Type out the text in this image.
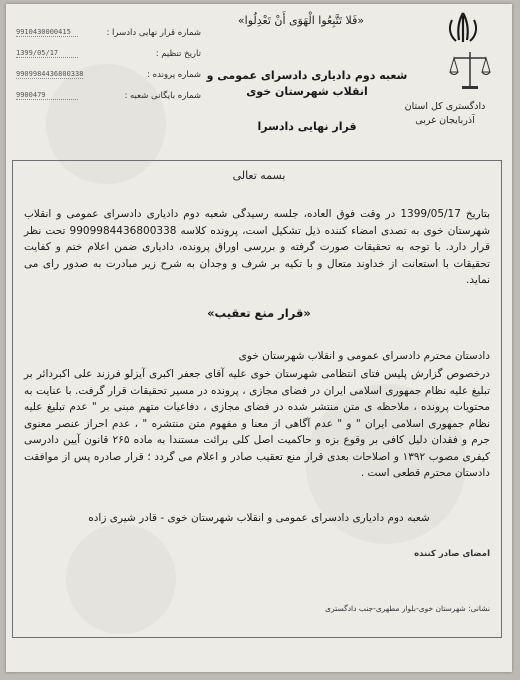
شماره قرار نهایی دادسرا :
9910430000415
تاریخ تنظیم :
1399/05/17
شماره پرونده :
9909984436800338
شماره بایگانی شعبه :
9900479
«فَلا تَتَّبِعُوا الْهَوَى أَنْ تَعْدِلُوا»
شعبه دوم دادیاری دادسرای عمومی و
انقلاب شهرستان خوی
قرار نهایی دادسرا
دادگستری کل استان
آذربایجان غربی
بسمه تعالی
بتاریخ 1399/05/17 در وقت فوق العاده، جلسه رسیدگی شعبه دوم دادیاری دادسرای عمومی و انقلاب شهرستان خوی به تصدی امضاء کننده ذیل تشکیل است، پرونده کلاسه 9909984436800338 تحت نظر قرار دارد. با توجه به تحقیقات صورت گرفته و بررسی اوراق پرونده، دادیاری ضمن اعلام ختم و کفایت تحقیقات با استعانت از خداوند متعال و با تکیه بر شرف و وجدان به شرح زیر مبادرت به صدور رای می نماید.
«قرار منع تعقیب»
دادستان محترم دادسرای عمومی و انقلاب شهرستان خوی
درخصوص گزارش پلیس فتای انتظامی شهرستان خوی علیه آقای جعفر اکبری آیزلو فرزند علی اکبردائر بر تبلیغ علیه نظام جمهوری اسلامی ایران در فضای مجازی ، پرونده در مسیر تحقیقات قرار گرفت. با عنایت به محتویات پرونده ، ملاحظه ی متن منتشر شده در فضای مجازی ، دفاعیات متهم مبنی بر " عدم تبلیغ علیه نظام جمهوری اسلامی ایران " و " عدم آگاهی از معنا و مفهوم متن منتشره " ، عدم احراز عنصر معنوی جرم و فقدان دلیل کافی بر وقوع بزه و حاکمیت اصل کلی برائت مستندا به ماده ۲۶۵ قانون آیین دادرسی کیفری مصوب ۱۳۹۲ و اصلاحات بعدی قرار منع تعقیب صادر و اعلام می گردد ؛ قرار صادره پس از موافقت دادستان محترم قطعی است .
شعبه دوم دادیاری دادسرای عمومی و انقلاب شهرستان خوی - قادر شیری زاده
امضای صادر کننده
نشانی: شهرستان خوی-بلوار مطهری-جنب دادگستری
